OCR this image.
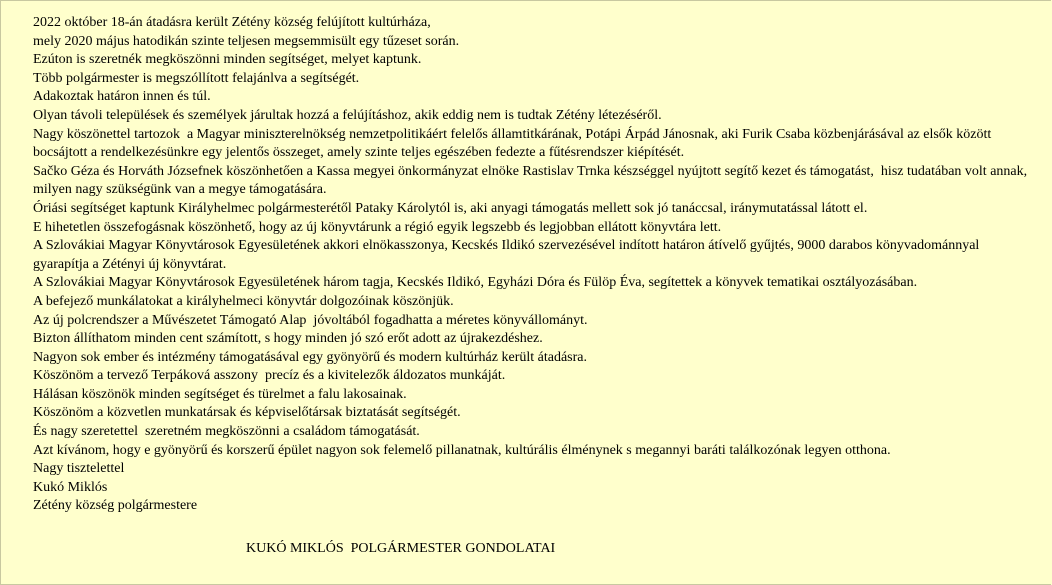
2022 október 18-án átadásra került Zétény község felújított kultúrháza,

mely 2020 május hatodikán szinte teljesen megsemmisült egy tűzeset során.

Ezúton is szeretnék megköszönni minden segítséget, melyet kaptunk.

Több polgármester is megszóllított felajánlva a segítségét.

Adakoztak határon innen és túl.

Olyan távoli települések és személyek járultak hozzá a felújításhoz, akik eddig nem is tudtak Zétény létezéséről.

Nagy köszönettel tartozok  a Magyar miniszterelnökség nemzetpolitikáért felelős államtitkárának, Potápi Árpád Jánosnak, aki Furik Csaba közbenjárásával az elsők között bocsájtott a rendelkezésünkre egy jelentős összeget, amely szinte teljes egészében fedezte a fűtésrendszer kiépítését.

Sačko Géza és Horváth Józsefnek köszönhetően a Kassa megyei önkormányzat elnöke Rastislav Trnka készséggel nyújtott segítő kezet és támogatást,  hisz tudatában volt annak, milyen nagy szükségünk van a megye támogatására.

Óriási segítséget kaptunk Királyhelmec polgármesterétől Pataky Károlytól is, aki anyagi támogatás mellett sok jó tanáccsal, iránymutatással látott el.

E hihetetlen összefogásnak köszönhető, hogy az új könyvtárunk a régió egyik legszebb és legjobban ellátott könyvtára lett.

A Szlovákiai Magyar Könyvtárosok Egyesületének akkori elnökasszonya, Kecskés Ildikó szervezésével indított határon átívelő gyűjtés, 9000 darabos könyvadománnyal gyarapítja a Zétényi új könyvtárat.

A Szlovákiai Magyar Könyvtárosok Egyesületének három tagja, Kecskés Ildikó, Egyházi Dóra és Fülöp Éva, segítettek a könyvek tematikai osztályozásában.

A befejező munkálatokat a királyhelmeci könyvtár dolgozóinak köszönjük.

Az új polcrendszer a Művészetet Támogató Alap  jóvoltából fogadhatta a méretes könyvállományt.

Bizton állíthatom minden cent számított, s hogy minden jó szó erőt adott az újrakezdéshez.

Nagyon sok ember és intézmény támogatásával egy gyönyörű és modern kultúrház került átadásra.

Köszönöm a tervező Terpáková asszony  precíz és a kivitelezők áldozatos munkáját.

Hálásan köszönök minden segítséget és türelmet a falu lakosainak.

Köszönöm a közvetlen munkatársak és képviselőtársak biztatását segítségét.

És nagy szeretettel  szeretném megköszönni a családom támogatását.

Azt kívánom, hogy e gyönyörű és korszerű épület nagyon sok felemelő pillanatnak, kultúrális élménynek s megannyi baráti találkozónak legyen otthona.

Nagy tisztelettel

Kukó Miklós

Zétény község polgármestere

KUKÓ MIKLÓS  POLGÁRMESTER GONDOLATAI
